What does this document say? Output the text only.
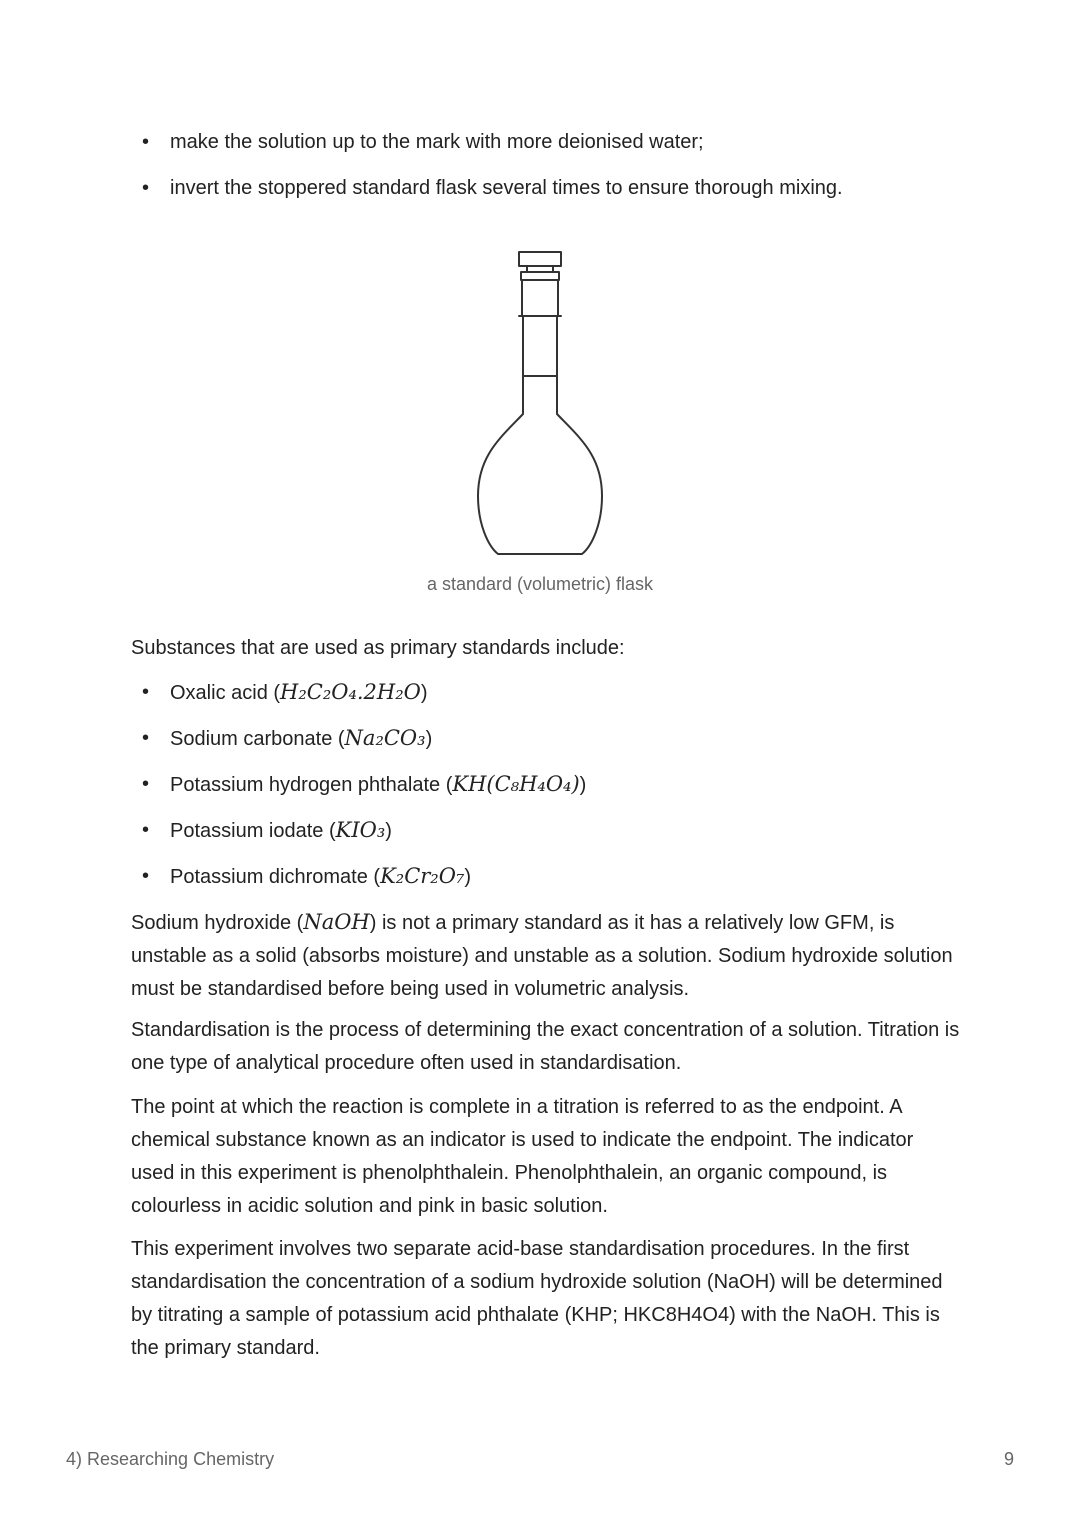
• make the solution up to the mark with more deionised water;
• invert the stoppered standard flask several times to ensure thorough mixing.
a standard (volumetric) flask
Substances that are used as primary standards include:
• Oxalic acid (H₂C₂O₄.2H₂O)
• Sodium carbonate (Na₂CO₃)
• Potassium hydrogen phthalate (KH(C₈H₄O₄))
• Potassium iodate (KIO₃)
• Potassium dichromate (K₂Cr₂O₇)

Sodium hydroxide (NaOH) is not a primary standard as it has a relatively low GFM, is unstable as a solid (absorbs moisture) and unstable as a solution. Sodium hydroxide solution must be standardised before being used in volumetric analysis.

Standardisation is the process of determining the exact concentration of a solution. Titration is one type of analytical procedure often used in standardisation.

The point at which the reaction is complete in a titration is referred to as the endpoint. A chemical substance known as an indicator is used to indicate the endpoint. The indicator used in this experiment is phenolphthalein. Phenolphthalein, an organic compound, is colourless in acidic solution and pink in basic solution.

This experiment involves two separate acid-base standardisation procedures. In the first standardisation the concentration of a sodium hydroxide solution (NaOH) will be determined by titrating a sample of potassium acid phthalate (KHP; HKC8H4O4) with the NaOH. This is the primary standard.

4) Researching Chemistry	9
